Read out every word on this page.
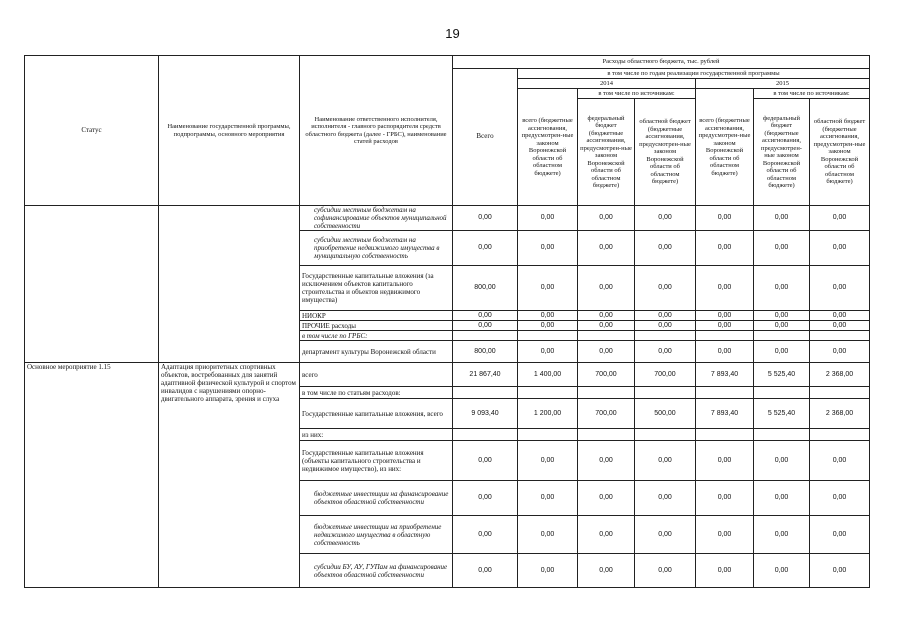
19
Статус	Наименование государственной программы, подпрограммы, основного мероприятия	Наименование ответственного исполнителя, исполнителя - главного распорядителя средств областного бюджета (далее - ГРБС), наименование статей расходов	Расходы областного бюджета, тыс. рублей						
			Всего	в том числе по годам реализации государственной программы					
				2014			2015		
				всего (бюджетные ассигнования, предусмотрен-ные законом Воронежской области об областном бюджете)	в том числе по источникам:		всего (бюджетные ассигнования, предусмотрен-ные законом Воронежской области об областном бюджете)	в том числе по источникам:	
					федеральный бюджет (бюджетные ассигнования, предусмотрен-ные законом Воронежской области об областном бюджете)	областной бюджет (бюджетные ассигнования, предусмотрен-ные законом Воронежской области об областном бюджете)		федеральный бюджет (бюджетные ассигнования, предусмотрен-ные законом Воронежской области об областном бюджете)	областной бюджет (бюджетные ассигнования, предусмотрен-ные законом Воронежской области об областном бюджете)
		субсидии местным бюджетам на софинансирование объектов муниципальной собственности	0,00	0,00	0,00	0,00	0,00	0,00	0,00
		субсидии местным бюджетам на приобретение недвижимого имущества в муниципальную собственность	0,00	0,00	0,00	0,00	0,00	0,00	0,00
		Государственные капитальные вложения (за исключением объектов капитального строительства и объектов недвижимого имущества)	800,00	0,00	0,00	0,00	0,00	0,00	0,00
		НИОКР	0,00	0,00	0,00	0,00	0,00	0,00	0,00
		ПРОЧИЕ расходы	0,00	0,00	0,00	0,00	0,00	0,00	0,00
		в том числе по ГРБС:							
		департамент культуры Воронежской области	800,00	0,00	0,00	0,00	0,00	0,00	0,00
Основное мероприятие 1.15	Адаптация приоритетных спортивных объектов, востребованных для занятий адаптивной физической культурой и спортом инвалидов с нарушениями опорно-двигательного аппарата, зрения и слуха	всего	21 867,40	1 400,00	700,00	700,00	7 893,40	5 525,40	2 368,00
		в том числе по статьям расходов:							
		Государственные капитальные вложения, всего	9 093,40	1 200,00	700,00	500,00	7 893,40	5 525,40	2 368,00
		из них:							
		Государственные капитальные вложения (объекты капитального строительства и недвижимое имущество), из них:	0,00	0,00	0,00	0,00	0,00	0,00	0,00
		бюджетные инвестиции на финансирование объектов областной собственности	0,00	0,00	0,00	0,00	0,00	0,00	0,00
		бюджетные инвестиции на приобретение недвижимого имущества в областную собственность	0,00	0,00	0,00	0,00	0,00	0,00	0,00
		субсидии БУ, АУ, ГУПам на финансирование объектов областной собственности	0,00	0,00	0,00	0,00	0,00	0,00	0,00
